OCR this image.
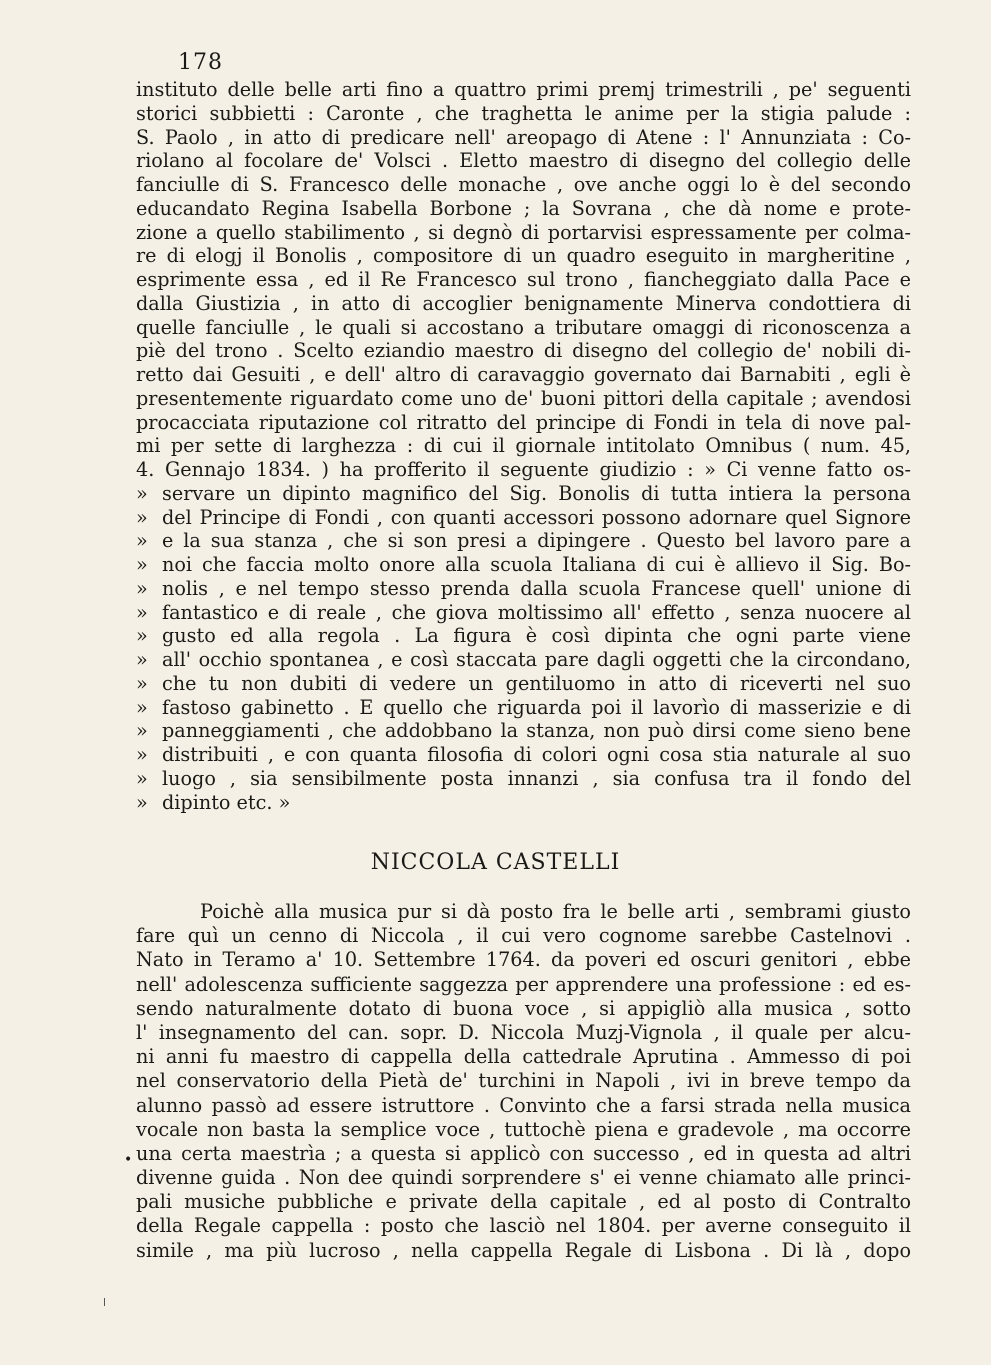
178
instituto delle belle arti fino a quattro primi premj trimestrili , pe' seguenti
storici subbietti : Caronte , che traghetta le anime per la stigia palude :
S. Paolo , in atto di predicare nell' areopago di Atene : l' Annunziata : Co-
riolano al focolare de' Volsci . Eletto maestro di disegno del collegio delle
fanciulle di S. Francesco delle monache , ove anche oggi lo è del secondo
educandato Regina Isabella Borbone ; la Sovrana , che dà nome e prote-
zione a quello stabilimento , si degnò di portarvisi espressamente per colma-
re di elogj il Bonolis , compositore di un quadro eseguito in margheritine ,
esprimente essa , ed il Re Francesco sul trono , fiancheggiato dalla Pace e
dalla Giustizia , in atto di accoglier benignamente Minerva condottiera di
quelle fanciulle , le quali si accostano a tributare omaggi di riconoscenza a
piè del trono . Scelto eziandio maestro di disegno del collegio de' nobili di-
retto dai Gesuiti , e dell' altro di caravaggio governato dai Barnabiti , egli è
presentemente riguardato come uno de' buoni pittori della capitale ; avendosi
procacciata riputazione col ritratto del principe di Fondi in tela di nove pal-
mi per sette di larghezza : di cui il giornale intitolato Omnibus ( num. 45,
4. Gennajo 1834. ) ha profferito il seguente giudizio : » Ci venne fatto os-
» servare un dipinto magnifico del Sig. Bonolis di tutta intiera la persona
» del Principe di Fondi , con quanti accessori possono adornare quel Signore
» e la sua stanza , che si son presi a dipingere . Questo bel lavoro pare a
» noi che faccia molto onore alla scuola Italiana di cui è allievo il Sig. Bo-
» nolis , e nel tempo stesso prenda dalla scuola Francese quell' unione di
» fantastico e di reale , che giova moltissimo all' effetto , senza nuocere al
» gusto ed alla regola . La figura è così dipinta che ogni parte viene
» all' occhio spontanea , e così staccata pare dagli oggetti che la circondano,
» che tu non dubiti di vedere un gentiluomo in atto di riceverti nel suo
» fastoso gabinetto . E quello che riguarda poi il lavorìo di masserizie e di
» panneggiamenti , che addobbano la stanza, non può dirsi come sieno bene
» distribuiti , e con quanta filosofia di colori ogni cosa stia naturale al suo
» luogo , sia sensibilmente posta innanzi , sia confusa tra il fondo del
» dipinto etc. »
NICCOLA CASTELLI
Poichè alla musica pur si dà posto fra le belle arti , sembrami giusto
fare quì un cenno di Niccola , il cui vero cognome sarebbe Castelnovi .
Nato in Teramo a' 10. Settembre 1764. da poveri ed oscuri genitori , ebbe
nell' adolescenza sufficiente saggezza per apprendere una professione : ed es-
sendo naturalmente dotato di buona voce , si appigliò alla musica , sotto
l' insegnamento del can. sopr. D. Niccola Muzj-Vignola , il quale per alcu-
ni anni fu maestro di cappella della cattedrale Aprutina . Ammesso di poi
nel conservatorio della Pietà de' turchini in Napoli , ivi in breve tempo da
alunno passò ad essere istruttore . Convinto che a farsi strada nella musica
vocale non basta la semplice voce , tuttochè piena e gradevole , ma occorre
una certa maestrìa ; a questa si applicò con successo , ed in questa ad altri
divenne guida . Non dee quindi sorprendere s' ei venne chiamato alle princi-
pali musiche pubbliche e private della capitale , ed al posto di Contralto
della Regale cappella : posto che lasciò nel 1804. per averne conseguito il
simile , ma più lucroso , nella cappella Regale di Lisbona . Di là , dopo
•
